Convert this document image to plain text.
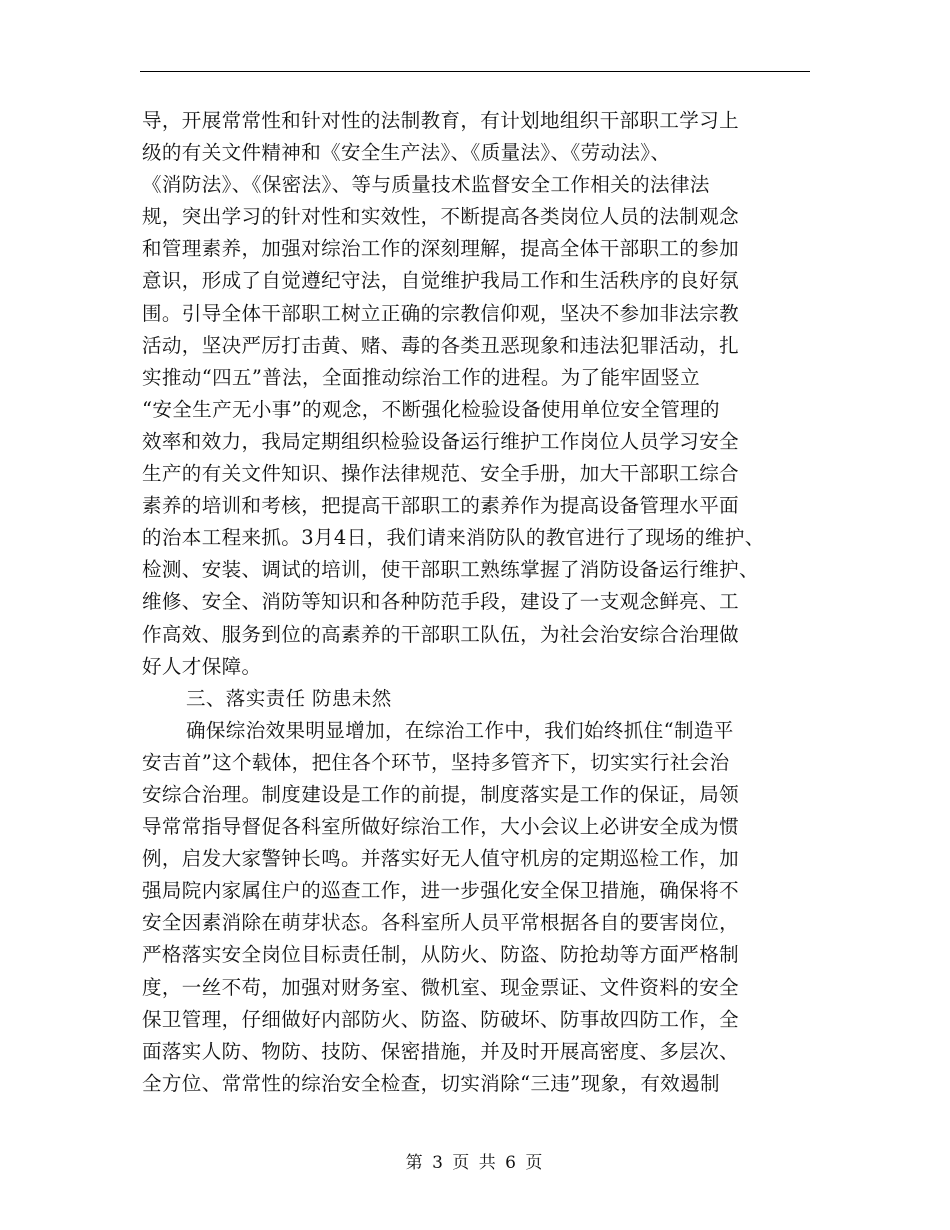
导，开展常常性和针对性的法制教育，有计划地组织干部职工学习上
级的有关文件精神和《安全生产法》、《质量法》、《劳动法》、
《消防法》、《保密法》、等与质量技术监督安全工作相关的法律法
规，突出学习的针对性和实效性，不断提高各类岗位人员的法制观念
和管理素养，加强对综治工作的深刻理解，提高全体干部职工的参加
意识，形成了自觉遵纪守法，自觉维护我局工作和生活秩序的良好氛
围。引导全体干部职工树立正确的宗教信仰观，坚决不参加非法宗教
活动，坚决严厉打击黄、赌、毒的各类丑恶现象和违法犯罪活动，扎
实推动“四五”普法，全面推动综治工作的进程。为了能牢固竖立
“安全生产无小事”的观念，不断强化检验设备使用单位安全管理的
效率和效力，我局定期组织检验设备运行维护工作岗位人员学习安全
生产的有关文件知识、操作法律规范、安全手册，加大干部职工综合
素养的培训和考核，把提高干部职工的素养作为提高设备管理水平面
的治本工程来抓。3月4日，我们请来消防队的教官进行了现场的维护、
检测、安装、调试的培训，使干部职工熟练掌握了消防设备运行维护、
维修、安全、消防等知识和各种防范手段，建设了一支观念鲜亮、工
作高效、服务到位的高素养的干部职工队伍，为社会治安综合治理做
好人才保障。
三、落实责任 防患未然
确保综治效果明显增加，在综治工作中，我们始终抓住“制造平
安吉首”这个载体，把住各个环节，坚持多管齐下，切实实行社会治
安综合治理。制度建设是工作的前提，制度落实是工作的保证，局领
导常常指导督促各科室所做好综治工作，大小会议上必讲安全成为惯
例，启发大家警钟长鸣。并落实好无人值守机房的定期巡检工作，加
强局院内家属住户的巡查工作，进一步强化安全保卫措施，确保将不
安全因素消除在萌芽状态。各科室所人员平常根据各自的要害岗位，
严格落实安全岗位目标责任制，从防火、防盗、防抢劫等方面严格制
度，一丝不苟，加强对财务室、微机室、现金票证、文件资料的安全
保卫管理，仔细做好内部防火、防盗、防破坏、防事故四防工作，全
面落实人防、物防、技防、保密措施，并及时开展高密度、多层次、
全方位、常常性的综治安全检查，切实消除“三违”现象，有效遏制
第 3 页 共 6 页
